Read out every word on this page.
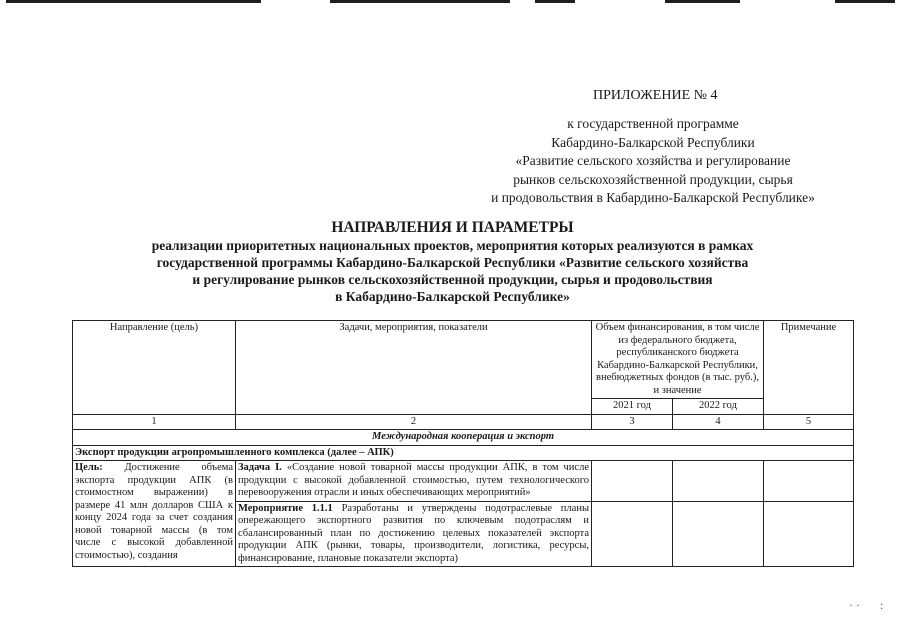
ПРИЛОЖЕНИЕ № 4
к государственной программе
Кабардино-Балкарской Республики
«Развитие сельского хозяйства и регулирование
рынков сельскохозяйственной продукции, сырья
и продовольствия в Кабардино-Балкарской Республике»
НАПРАВЛЕНИЯ И ПАРАМЕТРЫ
реализации приоритетных национальных проектов, мероприятия которых реализуются в рамках
государственной программы Кабардино-Балкарской Республики «Развитие сельского хозяйства
и регулирование рынков сельскохозяйственной продукции, сырья и продовольствия
в Кабардино-Балкарской Республике»
Направление (цель)	Задачи, мероприятия, показатели	Объем финансирования, в том числе из федерального бюджета, республиканского бюджета Кабардино-Балкарской Республики, внебюджетных фондов (в тыс. руб.), и значение		Примечание
		2021 год	2022 год	
1	2	3	4	5
Международная кооперация и экспорт				
Экспорт продукции агропромышленного комплекса (далее – АПК)				
Цель: Достижение объема экспорта продукции АПК (в стоимостном выражении) в размере 41 млн долларов США к концу 2024 года за счет создания новой товарной массы (в том числе с высокой добавленной стоимостью), создания	Задача I. «Создание новой товарной массы продукции АПК, в том числе продукции с высокой добавленной стоимостью, путем технологического перевооружения отрасли и иных обеспечивающих мероприятий»			
	Мероприятие 1.1.1 Разработаны и утверждены подотраслевые планы опережающего экспортного развития по ключевым подотраслям и сбалансированный план по достижению целевых показателей экспорта продукции АПК (рынки, товары, производители, логистика, ресурсы, финансирование, плановые показатели экспорта)			
· · :
